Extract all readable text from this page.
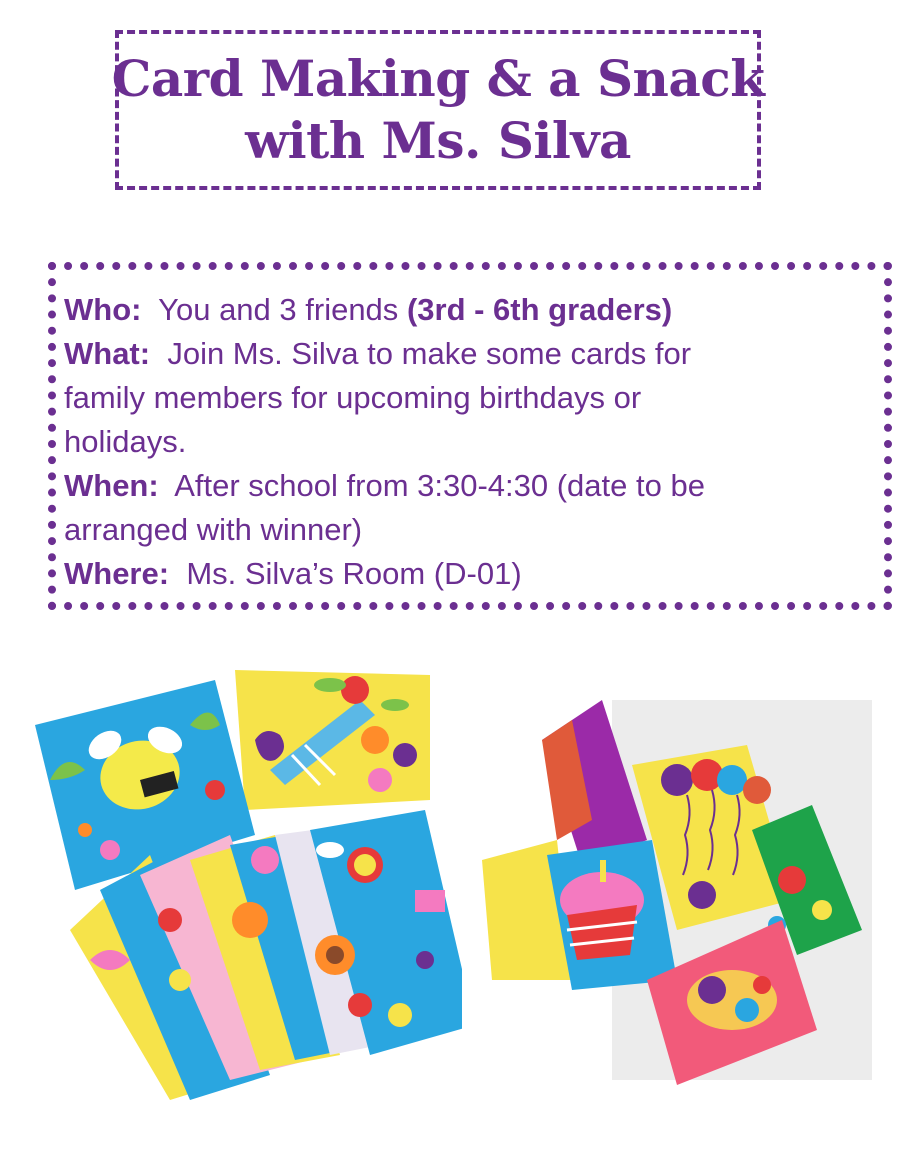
Card Making & a Snack
with Ms. Silva
Who: You and 3 friends (3rd - 6th graders)
What: Join Ms. Silva to make some cards for
family members for upcoming birthdays or
holidays.
When: After school from 3:30-4:30 (date to be
arranged with winner)
Where: Ms. Silva’s Room (D-01)
